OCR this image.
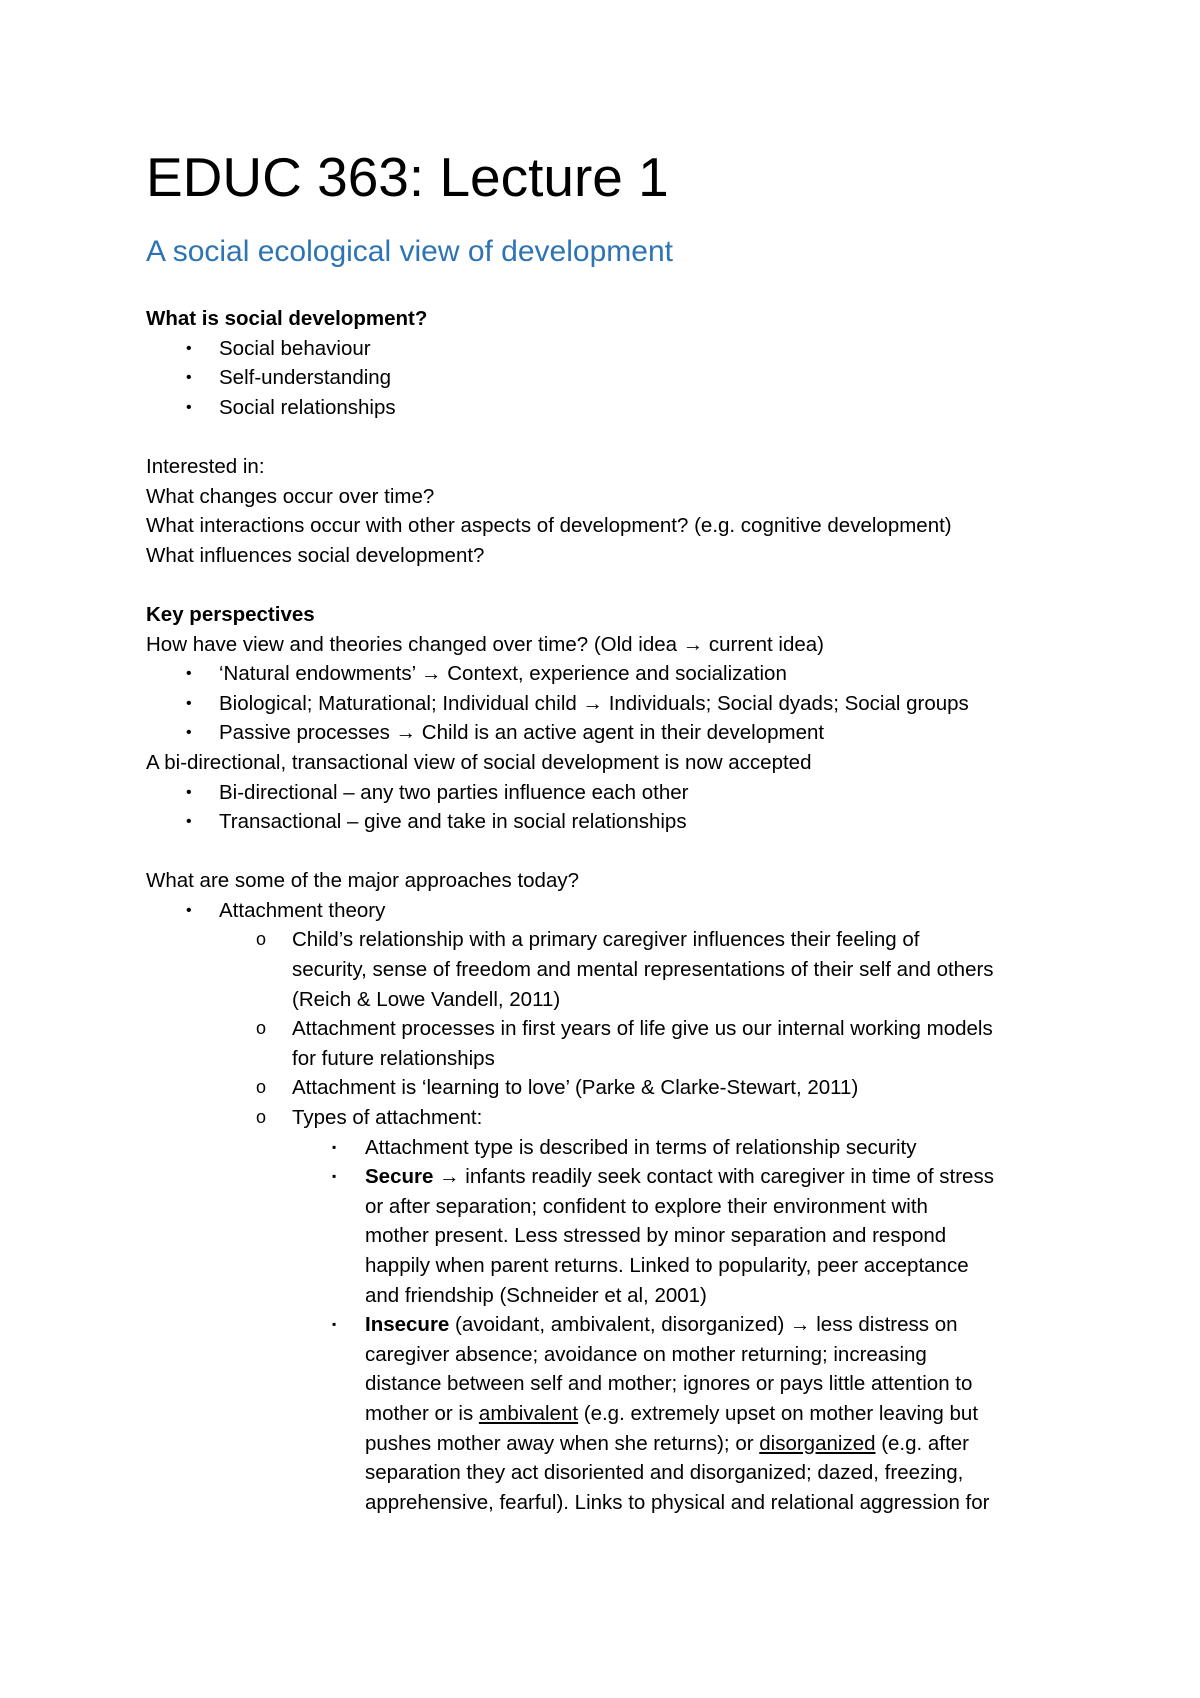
EDUC 363: Lecture 1
A social ecological view of development
What is social development?
• Social behaviour
• Self-understanding
• Social relationships
Interested in:
What changes occur over time?
What interactions occur with other aspects of development? (e.g. cognitive development)
What influences social development?
Key perspectives
How have view and theories changed over time? (Old idea → current idea)
• ‘Natural endowments’ → Context, experience and socialization
• Biological; Maturational; Individual child → Individuals; Social dyads; Social groups
• Passive processes → Child is an active agent in their development
A bi-directional, transactional view of social development is now accepted
• Bi-directional – any two parties influence each other
• Transactional – give and take in social relationships
What are some of the major approaches today?
• Attachment theory
o Child’s relationship with a primary caregiver influences their feeling of
security, sense of freedom and mental representations of their self and others
(Reich & Lowe Vandell, 2011)
o Attachment processes in first years of life give us our internal working models
for future relationships
o Attachment is ‘learning to love’ (Parke & Clarke-Stewart, 2011)
o Types of attachment:
▪ Attachment type is described in terms of relationship security
▪ Secure → infants readily seek contact with caregiver in time of stress
or after separation; confident to explore their environment with
mother present. Less stressed by minor separation and respond
happily when parent returns. Linked to popularity, peer acceptance
and friendship (Schneider et al, 2001)
▪ Insecure (avoidant, ambivalent, disorganized) → less distress on
caregiver absence; avoidance on mother returning; increasing
distance between self and mother; ignores or pays little attention to
mother or is ambivalent (e.g. extremely upset on mother leaving but
pushes mother away when she returns); or disorganized (e.g. after
separation they act disoriented and disorganized; dazed, freezing,
apprehensive, fearful). Links to physical and relational aggression for
